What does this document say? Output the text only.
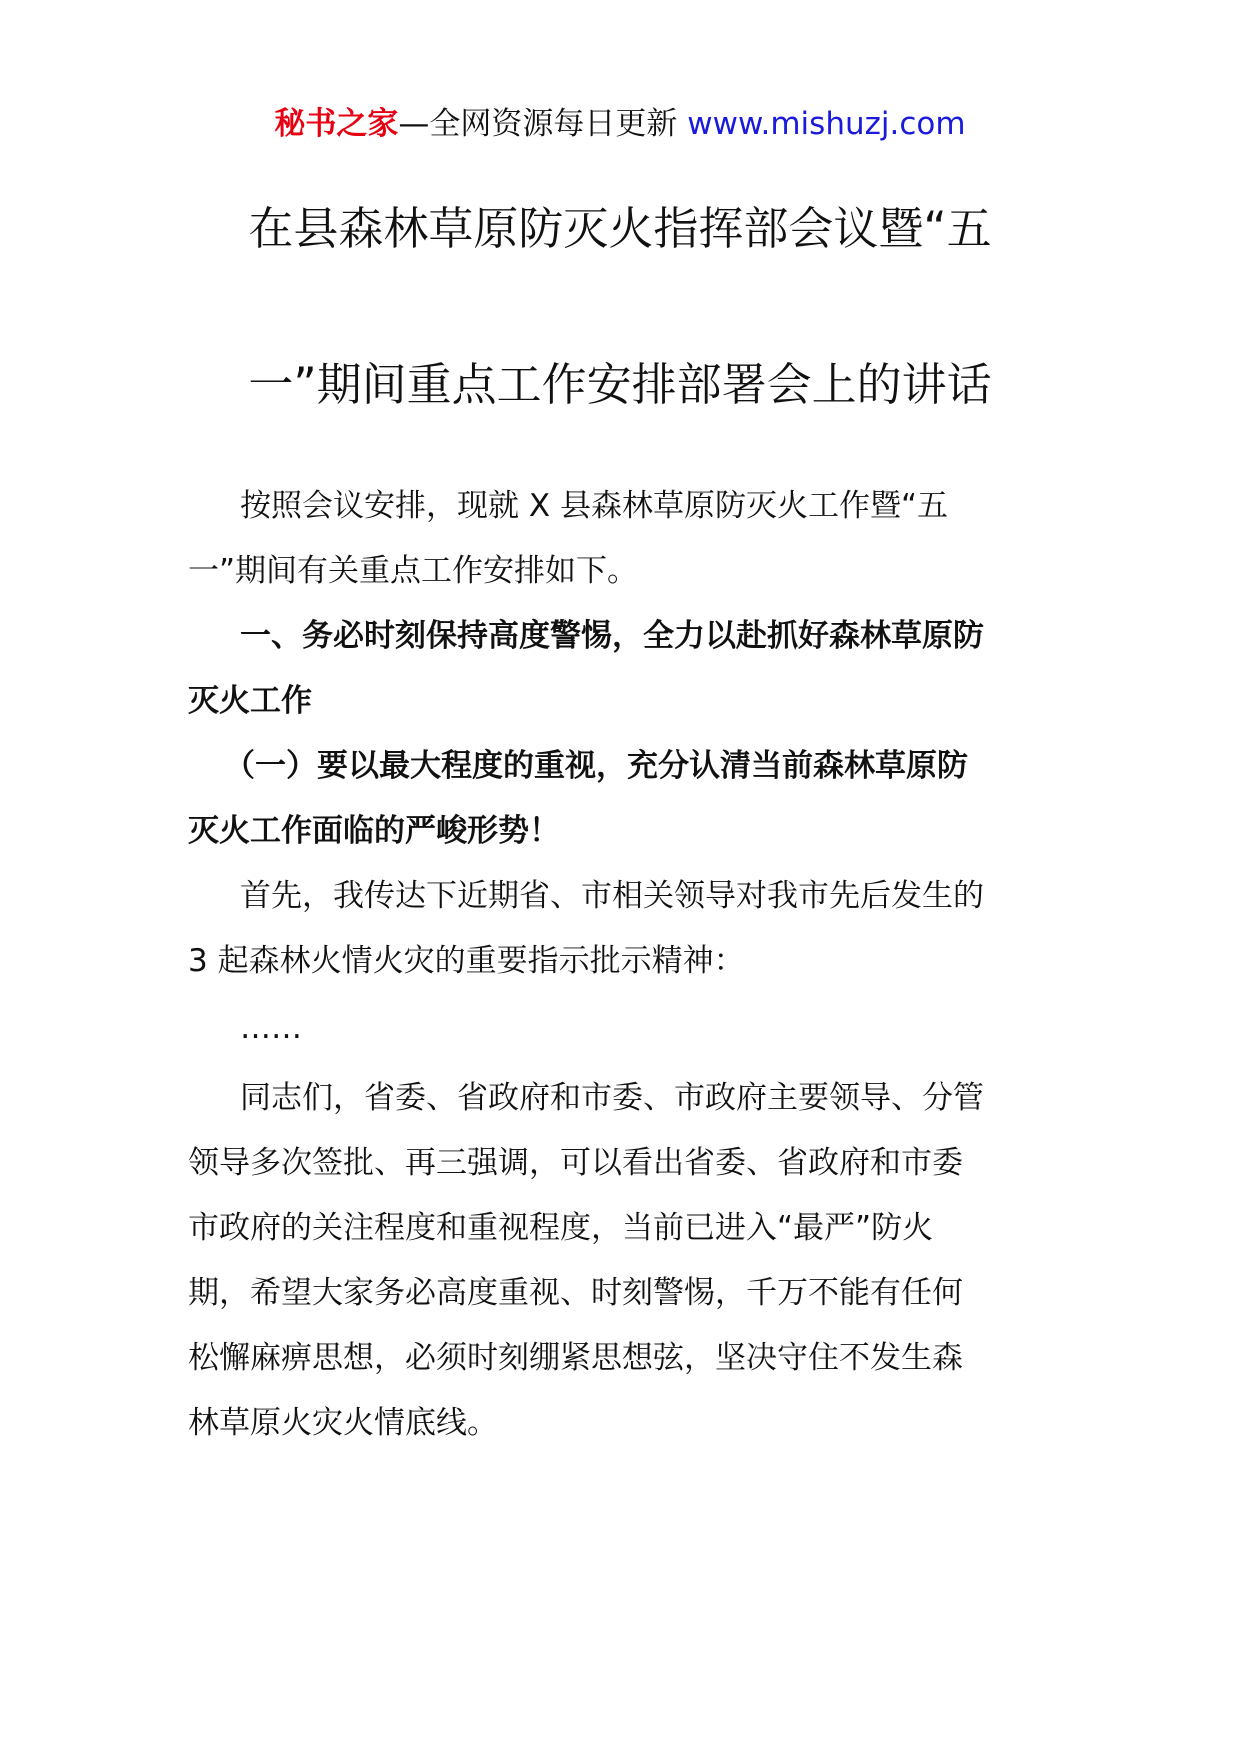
秘书之家—全网资源每日更新 www.mishuzj.com
在县森林草原防灭火指挥部会议暨“五
一”期间重点工作安排部署会上的讲话
按照会议安排，现就 X 县森林草原防灭火工作暨“五
一”期间有关重点工作安排如下。
一、务必时刻保持高度警惕，全力以赴抓好森林草原防
灭火工作
（一）要以最大程度的重视，充分认清当前森林草原防
灭火工作面临的严峻形势！
首先，我传达下近期省、市相关领导对我市先后发生的
3 起森林火情火灾的重要指示批示精神：
……
同志们，省委、省政府和市委、市政府主要领导、分管
领导多次签批、再三强调，可以看出省委、省政府和市委
市政府的关注程度和重视程度，当前已进入“最严”防火
期，希望大家务必高度重视、时刻警惕，千万不能有任何
松懈麻痹思想，必须时刻绷紧思想弦，坚决守住不发生森
林草原火灾火情底线。
